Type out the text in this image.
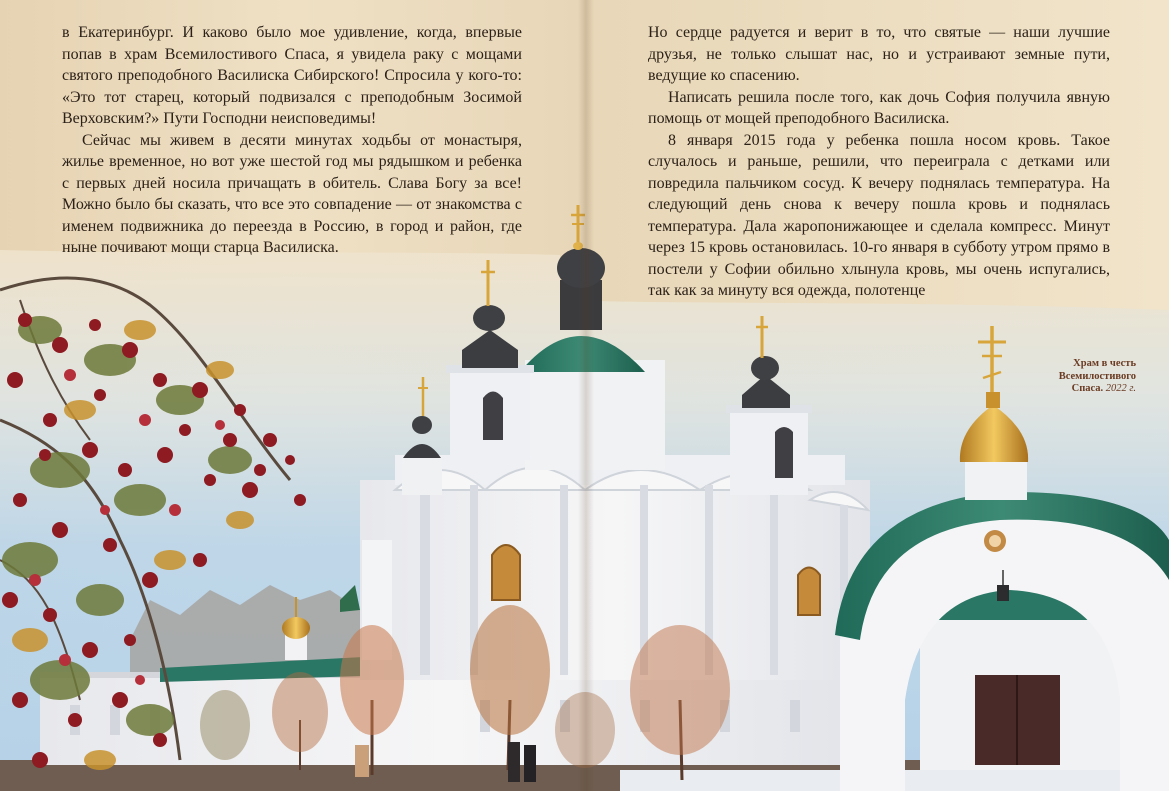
в Екатеринбург. И каково было мое удивление, когда, впервые попав в храм Всемилостивого Спаса, я увидела раку с мощами святого преподобного Василиска Сибирского! Спросила у кого-то: «Это тот старец, который подвизался с преподобным Зосимой Верховским?» Пути Господни неисповедимы!

Сейчас мы живем в десяти минутах ходьбы от монастыря, жилье временное, но вот уже шестой год мы рядышком и ребенка с первых дней носила причащать в обитель. Слава Богу за все! Можно было бы сказать, что все это совпадение — от знакомства с именем подвижника до переезда в Россию, в город и район, где ныне почивают мощи старца Василиска.

Но сердце радуется и верит в то, что святые — наши лучшие друзья, не только слышат нас, но и устраивают земные пути, ведущие ко спасению.

Написать решила после того, как дочь София получила явную помощь от мощей преподобного Василиска.

8 января 2015 года у ребенка пошла носом кровь. Такое случалось и раньше, решили, что переиграла с детками или повредила пальчиком сосуд. К вечеру поднялась температура. На следующий день снова к вечеру пошла кровь и поднялась температура. Дала жаропонижающее и сделала компресс. Минут через 15 кровь остановилась. 10-го января в субботу утром прямо в постели у Софии обильно хлынула кровь, мы очень испугались, так как за минуту вся одежда, полотенце

Храм в честь Всемилостивого Спаса. 2022 г.
